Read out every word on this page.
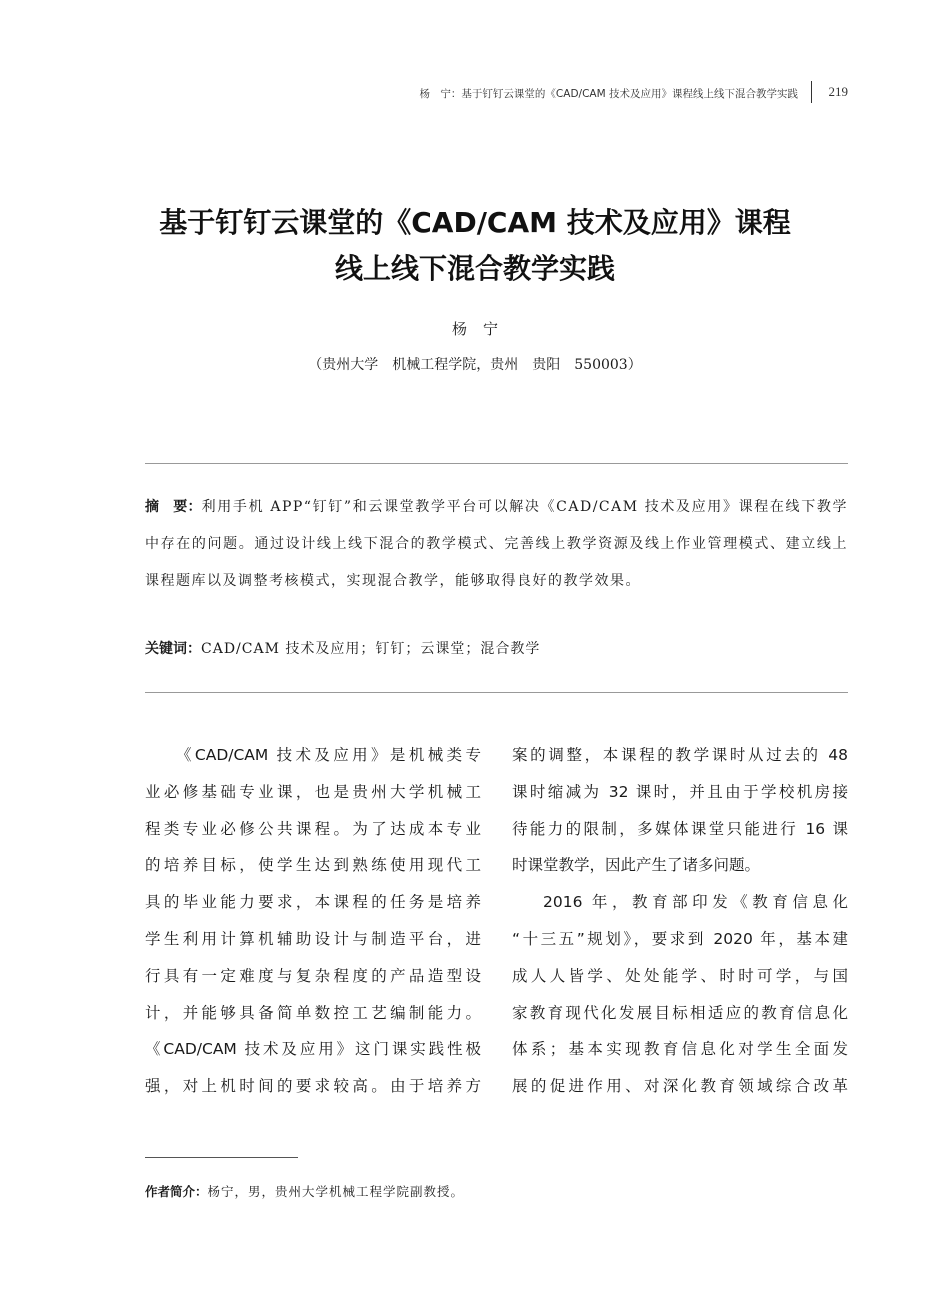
杨　宁：基于钉钉云课堂的《CAD/CAM 技术及应用》课程线上线下混合教学实践 219
基于钉钉云课堂的《CAD/CAM 技术及应用》课程
线上线下混合教学实践
杨宁
（贵州大学　机械工程学院，贵州　贵阳　550003）
摘 要：利用手机 APP“钉钉”和云课堂教学平台可以解决《CAD/CAM 技术及应用》课程在线下教学中存在的问题。通过设计线上线下混合的教学模式、完善线上教学资源及线上作业管理模式、建立线上课程题库以及调整考核模式，实现混合教学，能够取得良好的教学效果。
关键词：CAD/CAM 技术及应用；钉钉；云课堂；混合教学
《CAD/CAM 技术及应用》是机械类专
业必修基础专业课，也是贵州大学机械工
程类专业必修公共课程。为了达成本专业
的培养目标，使学生达到熟练使用现代工
具的毕业能力要求，本课程的任务是培养
学生利用计算机辅助设计与制造平台，进
行具有一定难度与复杂程度的产品造型设
计，并能够具备简单数控工艺编制能力。
《CAD/CAM 技术及应用》这门课实践性极
强，对上机时间的要求较高。由于培养方
案的调整，本课程的教学课时从过去的 48
课时缩减为 32 课时，并且由于学校机房接
待能力的限制，多媒体课堂只能进行 16 课
时课堂教学，因此产生了诸多问题。
2016 年，教育部印发《教育信息化
“十三五”规划》，要求到 2020 年，基本建
成人人皆学、处处能学、时时可学，与国
家教育现代化发展目标相适应的教育信息化
体系；基本实现教育信息化对学生全面发
展的促进作用、对深化教育领域综合改革
作者简介：杨宁，男，贵州大学机械工程学院副教授。
